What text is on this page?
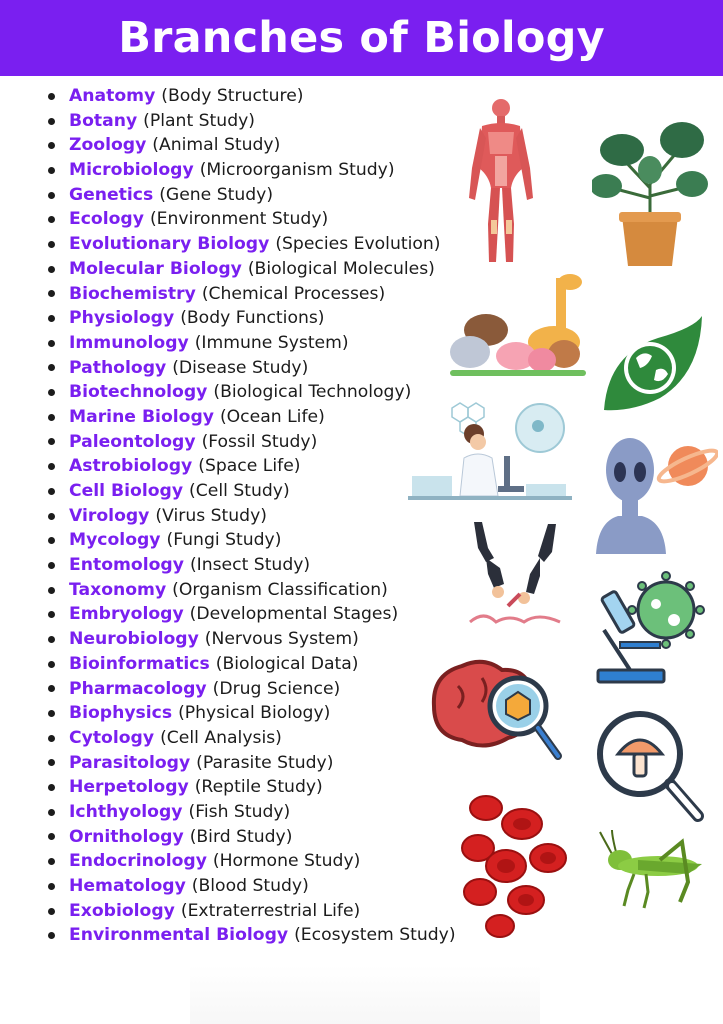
Branches of Biology
Anatomy (Body Structure)
Botany (Plant Study)
Zoology (Animal Study)
Microbiology (Microorganism Study)
Genetics (Gene Study)
Ecology (Environment Study)
Evolutionary Biology (Species Evolution)
Molecular Biology (Biological Molecules)
Biochemistry (Chemical Processes)
Physiology (Body Functions)
Immunology (Immune System)
Pathology (Disease Study)
Biotechnology (Biological Technology)
Marine Biology (Ocean Life)
Paleontology (Fossil Study)
Astrobiology (Space Life)
Cell Biology (Cell Study)
Virology (Virus Study)
Mycology (Fungi Study)
Entomology (Insect Study)
Taxonomy (Organism Classification)
Embryology (Developmental Stages)
Neurobiology (Nervous System)
Bioinformatics (Biological Data)
Pharmacology (Drug Science)
Biophysics (Physical Biology)
Cytology (Cell Analysis)
Parasitology (Parasite Study)
Herpetology (Reptile Study)
Ichthyology (Fish Study)
Ornithology (Bird Study)
Endocrinology (Hormone Study)
Hematology (Blood Study)
Exobiology (Extraterrestrial Life)
Environmental Biology (Ecosystem Study)
